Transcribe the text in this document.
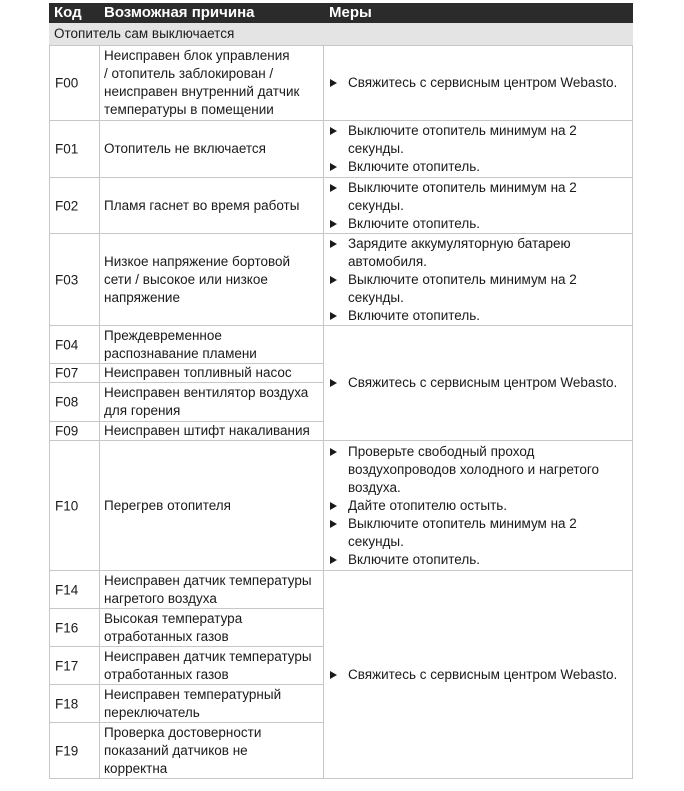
Код Возможная причина	Меры
Отопитель сам выключается
F00
Неисправен блок управления
/ отопитель заблокирован /
неисправен внутренний датчик
температуры в помещении
F01 Отопитель не включается
F02 Пламя гаснет во время работы
F03
Низкое напряжение бортовой
сети / высокое или низкое
напряжение
F04
Преждевременное
распознавание пламени
F07 Неисправен топливный насос
F08
Неисправен вентилятор воздуха
для горения
F09 Неисправен штифт накаливания
F10 Перегрев отопителя
F14
Неисправен датчик температуры
нагретого воздуха
F16
Высокая температура
отработанных газов
F17
Неисправен датчик температуры
отработанных газов
F18
Неисправен температурный
переключатель
F19
Проверка достоверности
показаний датчиков не
корректна
Свяжитесь с сервисным центром Webasto.
Выключите отопитель минимум на 2
секунды.
Включите отопитель.
Выключите отопитель минимум на 2
секунды.
Включите отопитель.
Зарядите аккумуляторную батарею
автомобиля.
Выключите отопитель минимум на 2
секунды.
Включите отопитель.
Свяжитесь с сервисным центром Webasto.
Проверьте свободный проход
воздухопроводов холодного и нагретого
воздуха.
Дайте отопителю остыть.
Выключите отопитель минимум на 2
секунды.
Включите отопитель.
Свяжитесь с сервисным центром Webasto.
